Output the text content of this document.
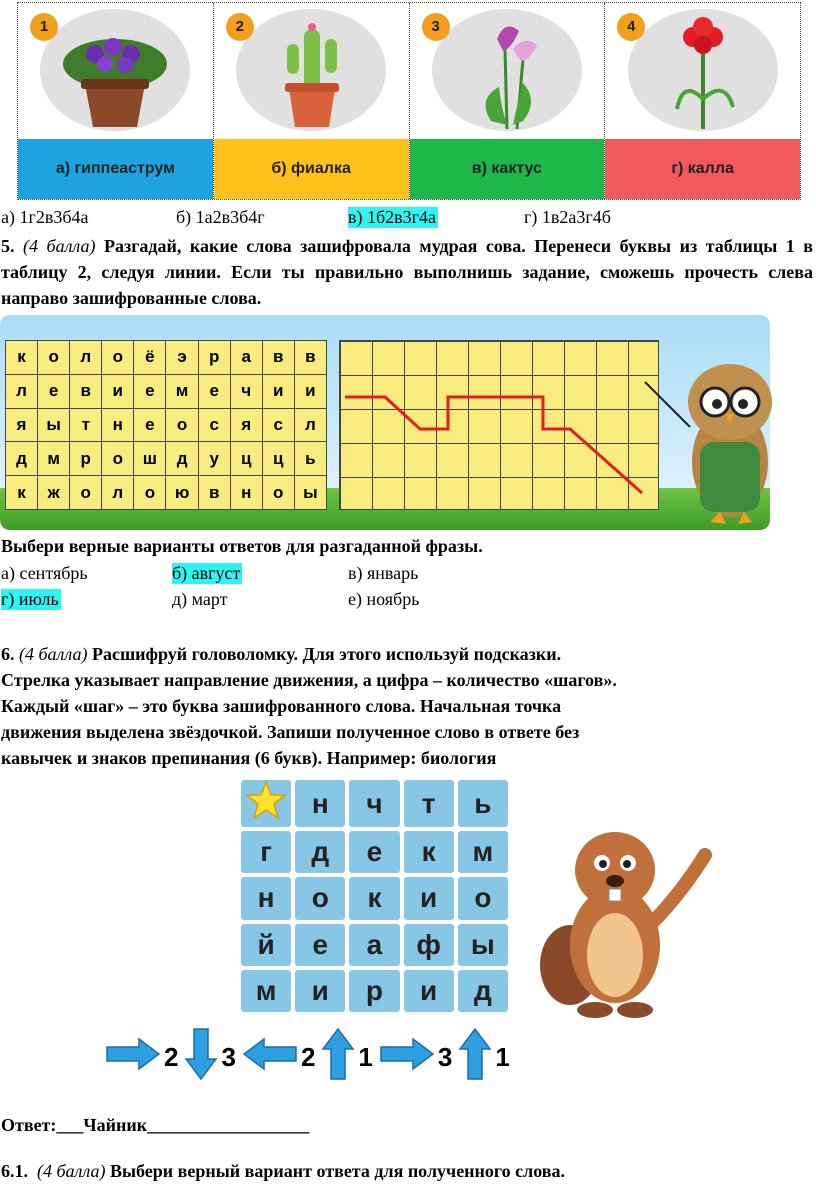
1
а) гиппеаструм
2
б) фиалка
3
в) кактус
4
г) калла
а) 1г2в3б4а	б) 1а2в3б4г	в) 1б2в3г4а	г) 1в2а3г4б
5. (4 балла) Разгадай, какие слова зашифровала мудрая сова. Перенеси буквы из таблицы 1 в таблицу 2, следуя линии. Если ты правильно выполнишь задание, сможешь прочесть слева направо зашифрованные слова.
к	о	л	о	ё	э	р	а	в	в
л	е	в	и	е	м	е	ч	и	и
я	ы	т	н	е	о	с	я	с	л
д	м	р	о	ш	д	у	ц	ц	ь
к	ж	о	л	о	ю	в	н	о	ы
Выбери верные варианты ответов для разгаданной фразы.
а) сентябрь	б) август	в) январь
г) июль	д) март	е) ноябрь
6. (4 балла) Расшифруй головоломку. Для этого используй подсказки.
Стрелка указывает направление движения, а цифра – количество «шагов».
Каждый «шаг» – это буква зашифрованного слова. Начальная точка
движения выделена звёздочкой. Запиши полученное слово в ответе без
кавычек и знаков препинания (6 букв). Например: биология
	н	ч	т	ь
г	д	е	к	м
н	о	к	и	о
й	е	а	ф	ы
м	и	р	и	д
2 3	2 1	3 1
Ответ:___Чайник__________________
6.1. (4 балла) Выбери верный вариант ответа для полученного слова.
